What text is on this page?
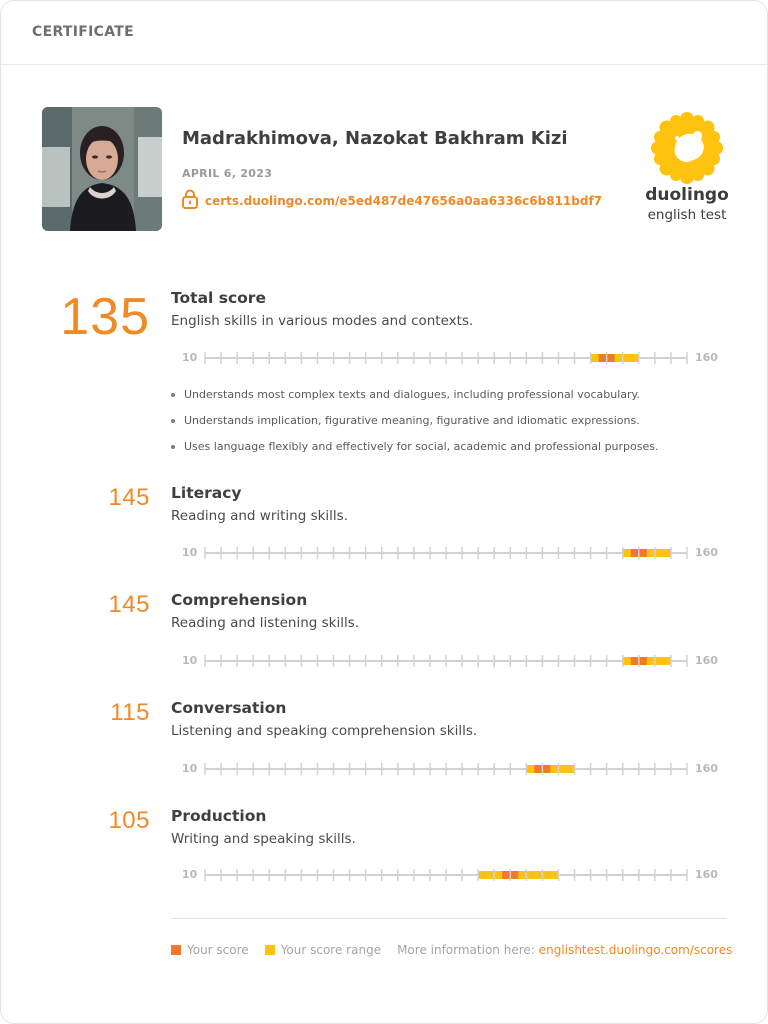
CERTIFICATE
Madrakhimova, Nazokat Bakhram Kizi
APRIL 6, 2023
certs.duolingo.com/e5ed487de47656a0aa6336c6b811bdf7	duolingo
english test
135 Total score
English skills in various modes and contexts.
10	160
Understands most complex texts and dialogues, including professional vocabulary.
Understands implication, figurative meaning, figurative and idiomatic expressions.
Uses language flexibly and effectively for social, academic and professional purposes.
145 Literacy
Reading and writing skills.
10	160
145 Comprehension
Reading and listening skills.
10	160
115 Conversation
Listening and speaking comprehension skills.
10	160
105 Production
Writing and speaking skills.
10	160
Your score	Your score range More information here: englishtest.duolingo.com/scores
